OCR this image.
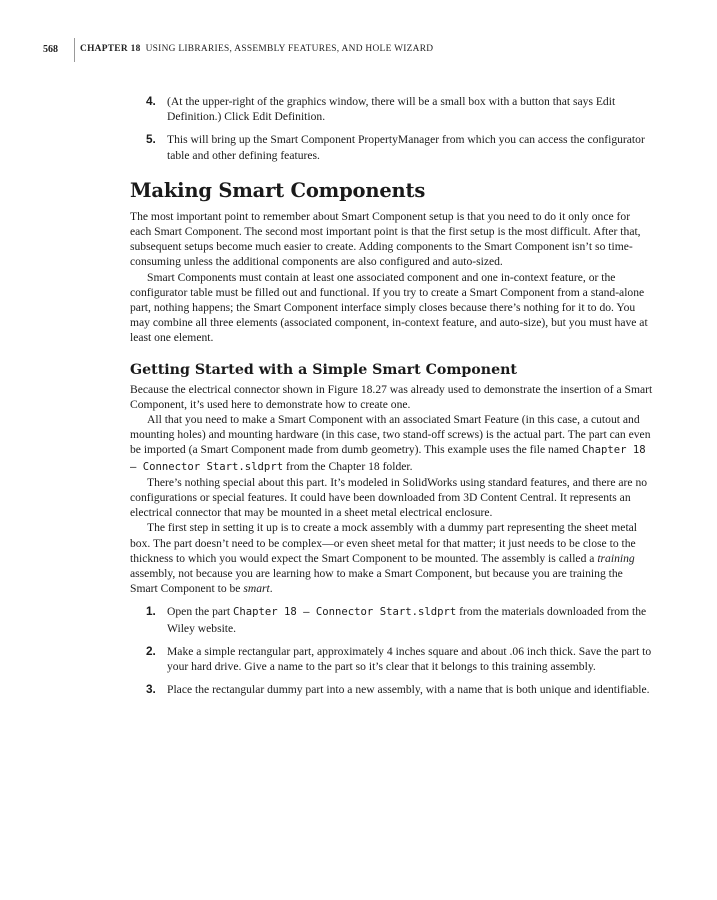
568 CHAPTER 18 USING LIBRARIES, ASSEMBLY FEATURES, AND HOLE WIZARD
4. (At the upper-right of the graphics window, there will be a small box with a button that says Edit Definition.) Click Edit Definition.
5. This will bring up the Smart Component PropertyManager from which you can access the configurator table and other defining features.
Making Smart Components

The most important point to remember about Smart Component setup is that you need to do it only once for each Smart Component. The second most important point is that the first setup is the most difficult. After that, subsequent setups become much easier to create. Adding components to the Smart Component isn’t so time-consuming unless the additional components are also configured and auto-sized.

Smart Components must contain at least one associated component and one in-context feature, or the configurator table must be filled out and functional. If you try to create a Smart Component from a stand-alone part, nothing happens; the Smart Component interface simply closes because there’s nothing for it to do. You may combine all three elements (associated component, in-context feature, and auto-size), but you must have at least one element.

Getting Started with a Simple Smart Component

Because the electrical connector shown in Figure 18.27 was already used to demonstrate the insertion of a Smart Component, it’s used here to demonstrate how to create one.

All that you need to make a Smart Component with an associated Smart Feature (in this case, a cutout and mounting holes) and mounting hardware (in this case, two stand-off screws) is the actual part. The part can even be imported (a Smart Component made from dumb geometry). This example uses the file named Chapter 18 – Connector Start.sldprt from the Chapter 18 folder.

There’s nothing special about this part. It’s modeled in SolidWorks using standard features, and there are no configurations or special features. It could have been downloaded from 3D Content Central. It represents an electrical connector that may be mounted in a sheet metal electrical enclosure.

The first step in setting it up is to create a mock assembly with a dummy part representing the sheet metal box. The part doesn’t need to be complex—or even sheet metal for that matter; it just needs to be close to the thickness to which you would expect the Smart Component to be mounted. The assembly is called a training assembly, not because you are learning how to make a Smart Component, but because you are training the Smart Component to be smart.

1. Open the part Chapter 18 – Connector Start.sldprt from the materials downloaded from the Wiley website.
2. Make a simple rectangular part, approximately 4 inches square and about .06 inch thick. Save the part to your hard drive. Give a name to the part so it’s clear that it belongs to this training assembly.
3. Place the rectangular dummy part into a new assembly, with a name that is both unique and identifiable.
